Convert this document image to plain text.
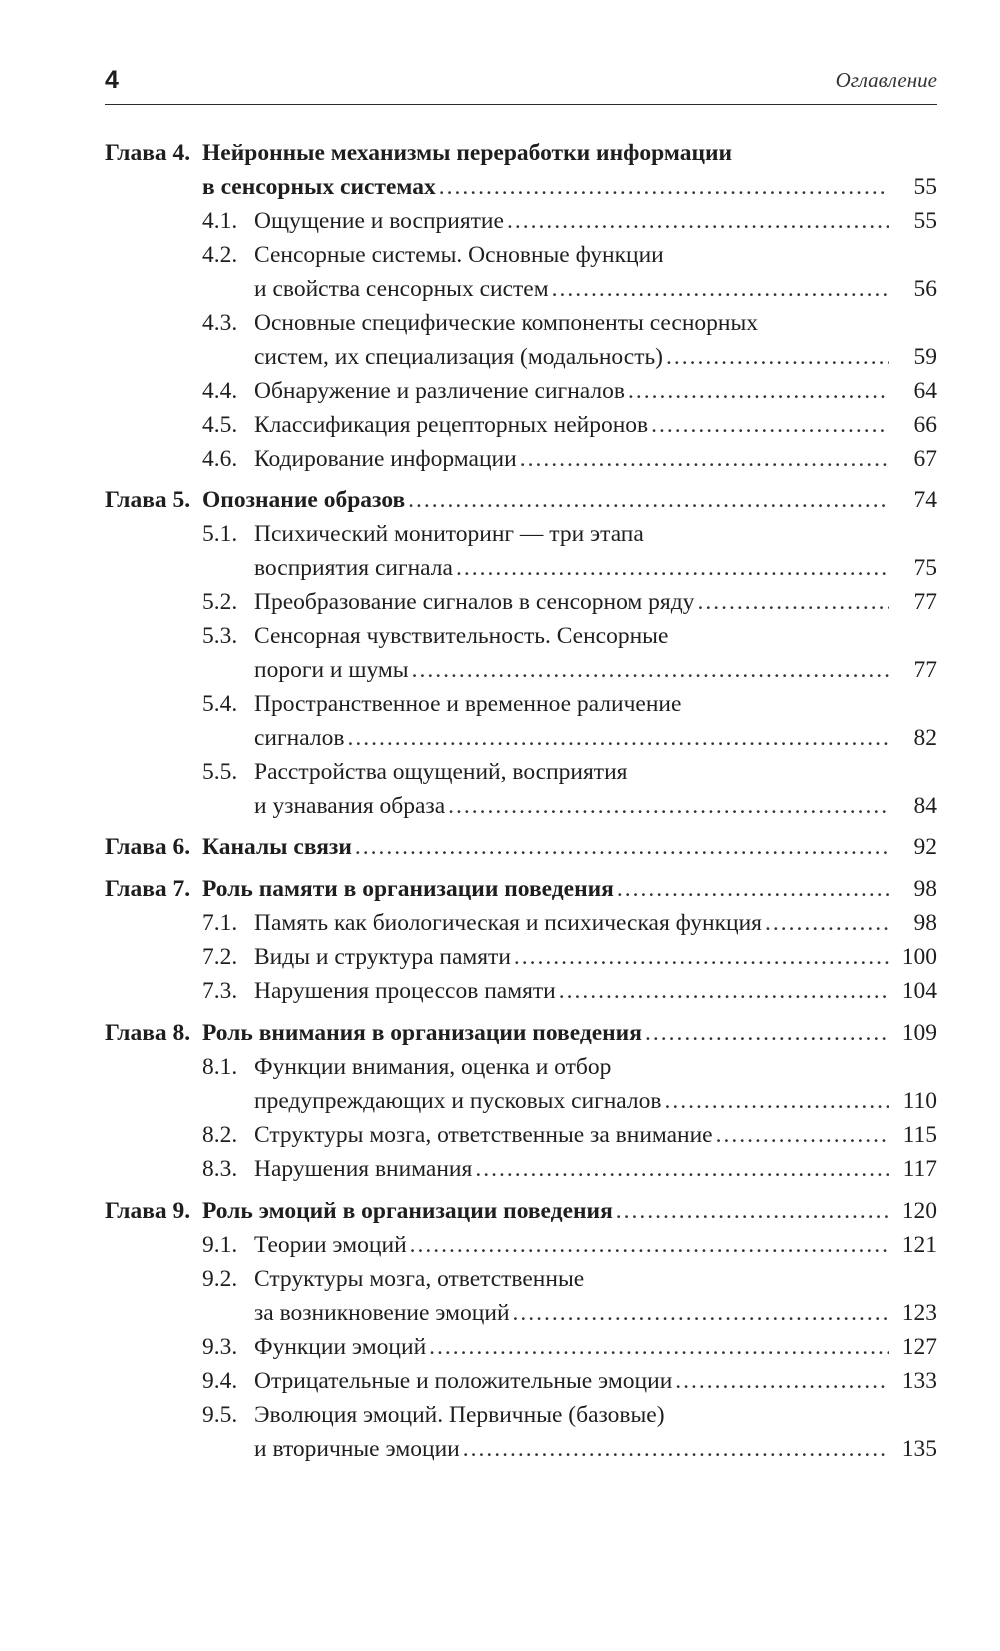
4	Оглавление
Глава 4. Нейронные механизмы переработки информации
в сенсорных системах .....	55
4.1. Ощущение и восприятие .....	55
4.2. Сенсорные системы. Основные функции
и свойства сенсорных систем .....	56
4.3. Основные специфические компоненты сеснорных
систем, их специализация (модальность) .....	59
4.4. Обнаружение и различение сигналов .....	64
4.5. Классификация рецепторных нейронов .....	66
4.6. Кодирование информации .....	67
Глава 5. Опознание образов .....	74
5.1. Психический мониторинг — три этапа
восприятия сигнала .....	75
5.2. Преобразование сигналов в сенсорном ряду .....	77
5.3. Сенсорная чувствительность. Сенсорные
пороги и шумы .....	77
5.4. Пространственное и временное раличение
сигналов .....	82
5.5. Расстройства ощущений, восприятия
и узнавания образа .....	84
Глава 6. Каналы связи .....	92
Глава 7. Роль памяти в организации поведения .....	98
7.1. Память как биологическая и психическая функция .....	98
7.2. Виды и структура памяти .....	100
7.3. Нарушения процессов памяти .....	104
Глава 8. Роль внимания в организации поведения .....	109
8.1. Функции внимания, оценка и отбор
предупреждающих и пусковых сигналов .....	110
8.2. Структуры мозга, ответственные за внимание .....	115
8.3. Нарушения внимания .....	117
Глава 9. Роль эмоций в организации поведения .....	120
9.1. Теории эмоций .....	121
9.2. Структуры мозга, ответственные
за возникновение эмоций .....	123
9.3. Функции эмоций .....	127
9.4. Отрицательные и положительные эмоции .....	133
9.5. Эволюция эмоций. Первичные (базовые)
и вторичные эмоции .....	135
